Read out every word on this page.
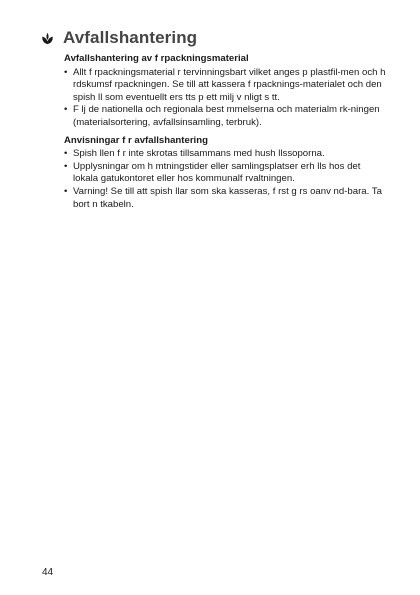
Avfallshantering
Avfallshantering av f rpackningsmaterial
• Allt f rpackningsmaterial r tervinningsbart vilket anges p plastfil-men och h rdskumsf rpackningen. Se till att kassera f rpacknings-materialet och den spish ll som eventuellt ers tts p ett milj v nligt s tt.
• F lj de nationella och regionala best mmelserna och materialm rk-ningen (materialsortering, avfallsinsamling, terbruk).
Anvisningar f r avfallshantering
• Spish llen f r inte skrotas tillsammans med hush llssoporna.
• Upplysningar om h mtningstider eller samlingsplatser erh lls hos det lokala gatukontoret eller hos kommunalf rvaltningen.
• Varning! Se till att spish llar som ska kasseras, f rst g rs oanv nd-bara. Ta bort n tkabeln.
44
